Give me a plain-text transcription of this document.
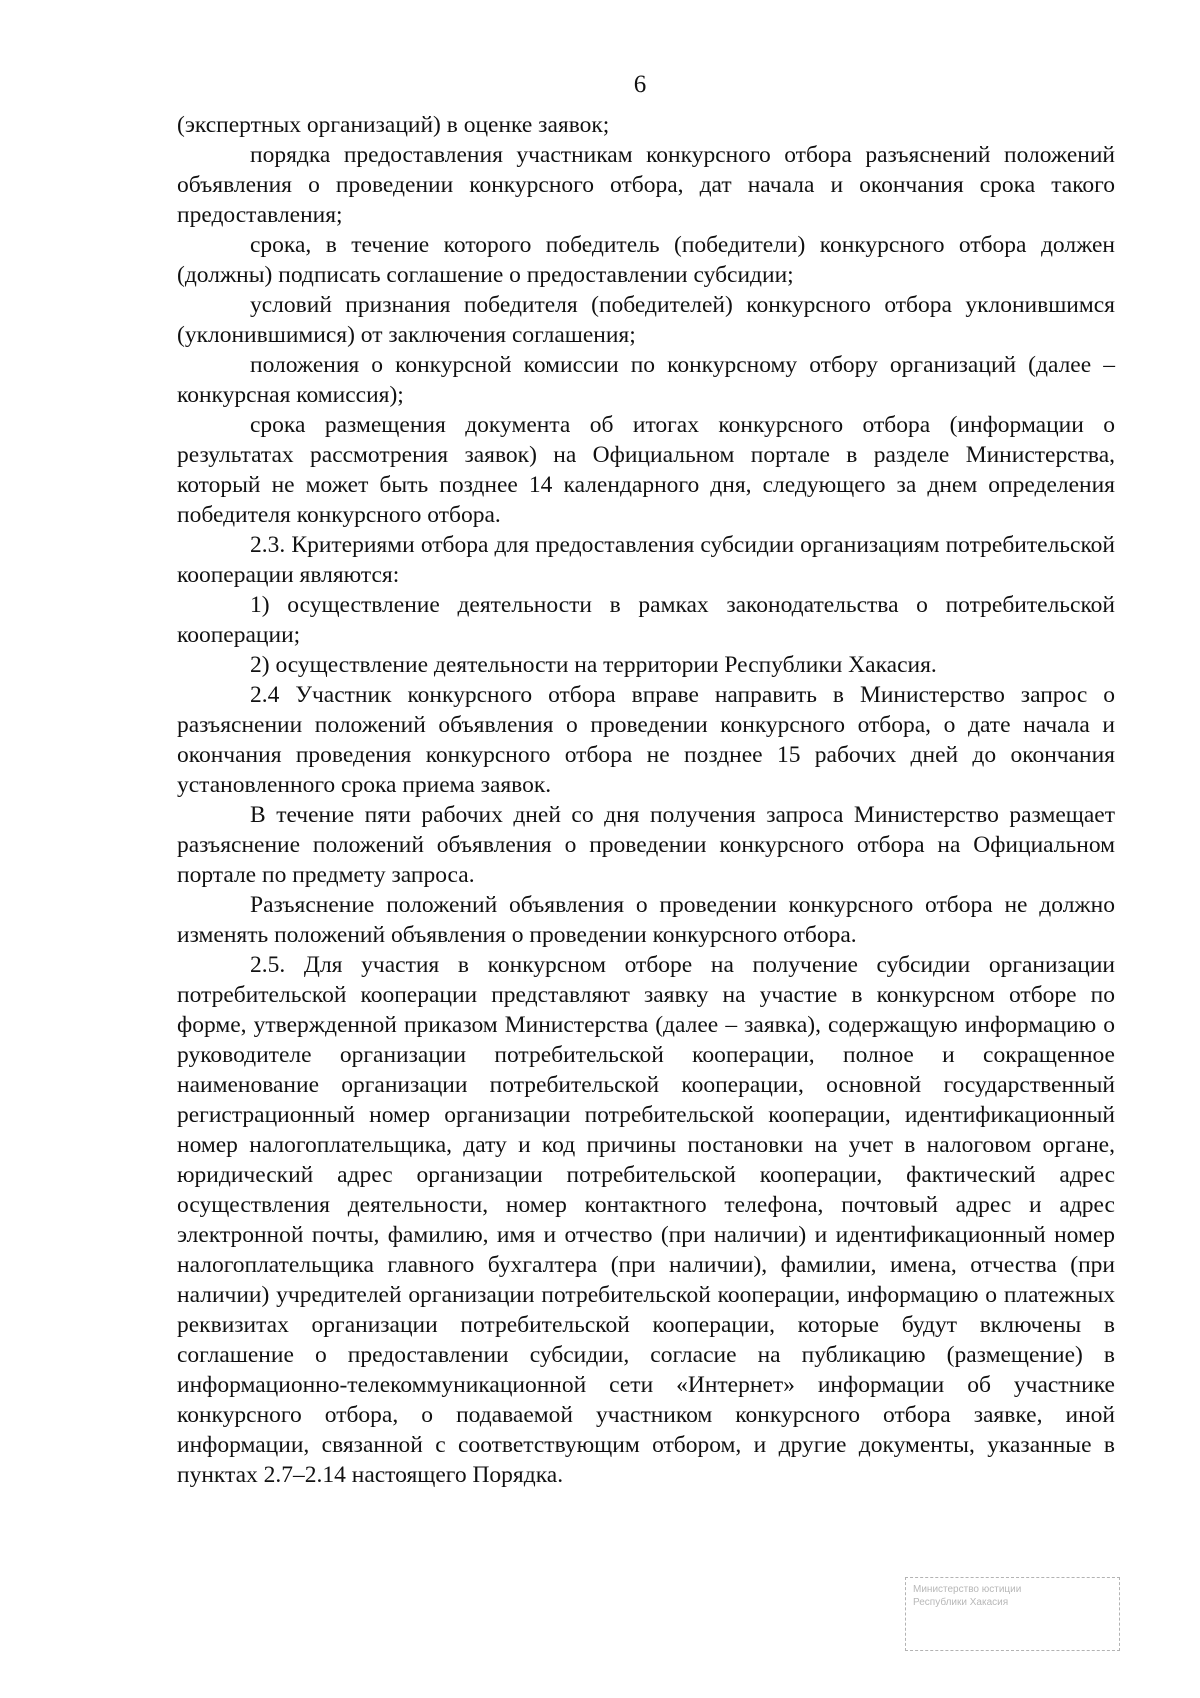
6

(экспертных организаций) в оценке заявок;

порядка предоставления участникам конкурсного отбора разъяснений положений объявления о проведении конкурсного отбора, дат начала и окончания срока такого предоставления;

срока, в течение которого победитель (победители) конкурсного отбора должен (должны) подписать соглашение о предоставлении субсидии;

условий признания победителя (победителей) конкурсного отбора уклонившимся (уклонившимися) от заключения соглашения;

положения о конкурсной комиссии по конкурсному отбору организаций (далее – конкурсная комиссия);

срока размещения документа об итогах конкурсного отбора (информации о результатах рассмотрения заявок) на Официальном портале в разделе Министерства, который не может быть позднее 14 календарного дня, следующего за днем определения победителя конкурсного отбора.

2.3. Критериями отбора для предоставления субсидии организациям потребительской кооперации являются:

1) осуществление деятельности в рамках законодательства о потребительской кооперации;

2) осуществление деятельности на территории Республики Хакасия.

2.4 Участник конкурсного отбора вправе направить в Министерство запрос о разъяснении положений объявления о проведении конкурсного отбора, о дате начала и окончания проведения конкурсного отбора не позднее 15 рабочих дней до окончания установленного срока приема заявок.

В течение пяти рабочих дней со дня получения запроса Министерство размещает разъяснение положений объявления о проведении конкурсного отбора на Официальном портале по предмету запроса.

Разъяснение положений объявления о проведении конкурсного отбора не должно изменять положений объявления о проведении конкурсного отбора.

2.5. Для участия в конкурсном отборе на получение субсидии организации потребительской кооперации представляют заявку на участие в конкурсном отборе по форме, утвержденной приказом Министерства (далее – заявка), содержащую информацию о руководителе организации потребительской кооперации, полное и сокращенное наименование организации потребительской кооперации, основной государственный регистрационный номер организации потребительской кооперации, идентификационный номер налогоплательщика, дату и код причины постановки на учет в налоговом органе, юридический адрес организации потребительской кооперации, фактический адрес осуществления деятельности, номер контактного телефона, почтовый адрес и адрес электронной почты, фамилию, имя и отчество (при наличии) и идентификационный номер налогоплательщика главного бухгалтера (при наличии), фамилии, имена, отчества (при наличии) учредителей организации потребительской кооперации, информацию о платежных реквизитах организации потребительской кооперации, которые будут включены в соглашение о предоставлении субсидии, согласие на публикацию (размещение) в информационно-телекоммуникационной сети «Интернет» информации об участнике конкурсного отбора, о подаваемой участником конкурсного отбора заявке, иной информации, связанной с соответствующим отбором, и другие документы, указанные в пунктах 2.7–2.14 настоящего Порядка.

Министерство юстиции
Республики Хакасия
